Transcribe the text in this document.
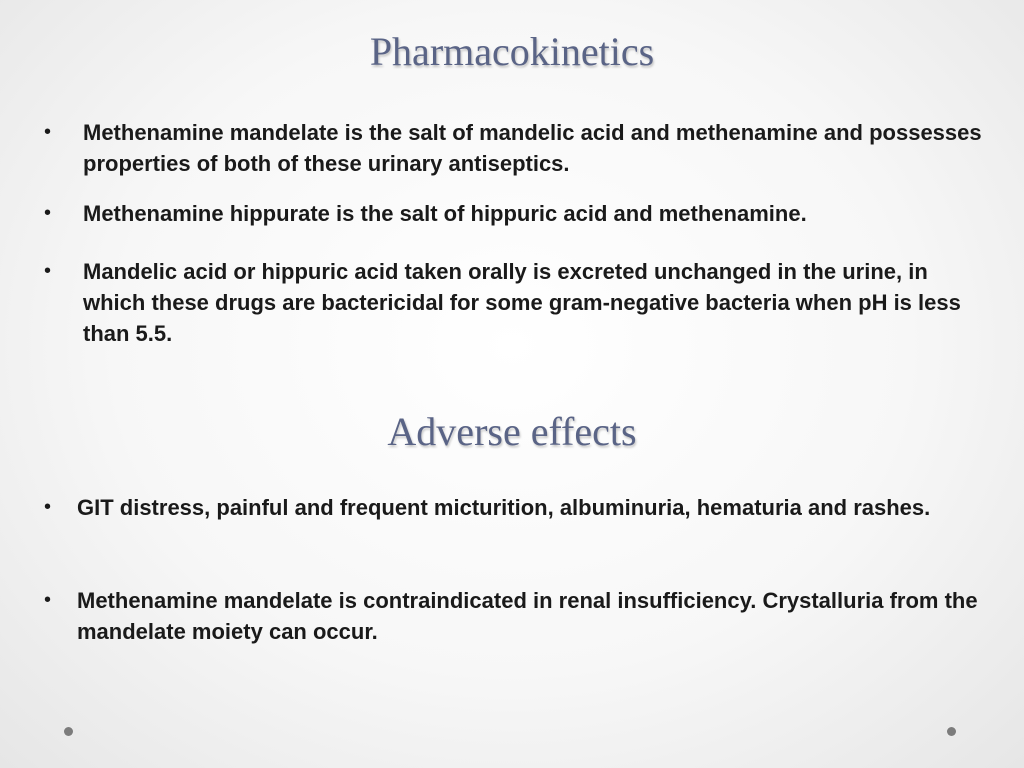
Pharmacokinetics
• Methenamine mandelate is the salt of mandelic acid and methenamine and possesses properties of both of these urinary antiseptics.
• Methenamine hippurate is the salt of hippuric acid and methenamine.
• Mandelic acid or hippuric acid taken orally is excreted unchanged in the urine, in which these drugs are bactericidal for some gram-negative bacteria when pH is less than 5.5.
Adverse effects
• GIT distress, painful and frequent micturition, albuminuria, hematuria and rashes.
• Methenamine mandelate is contraindicated in renal insufficiency. Crystalluria from the mandelate moiety can occur.
